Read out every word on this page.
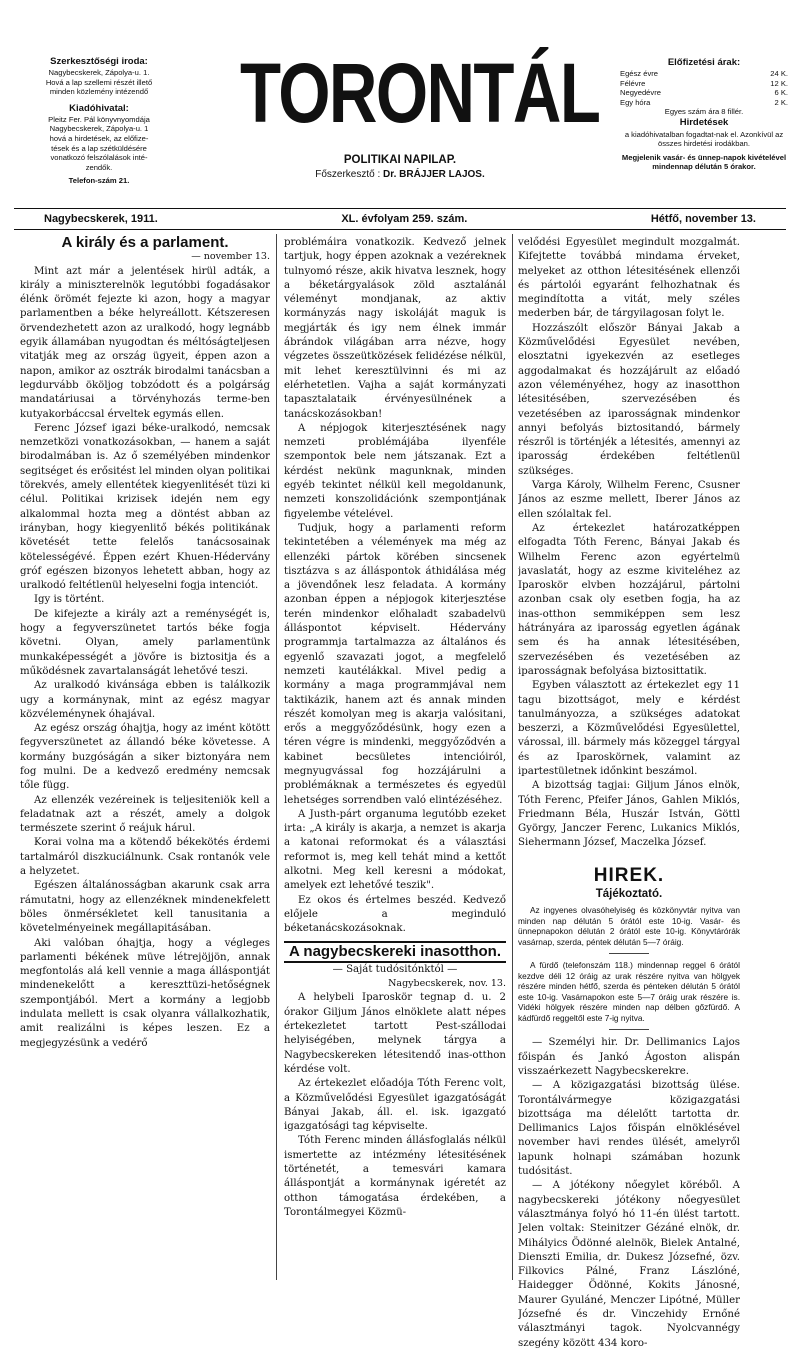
Szerkesztőségi iroda:

Nagybecskerek, Zápolya-u. 1.

Hová a lap szellemi részét illető

minden közlemény intézendő

Kiadóhivatal:

Pleitz Fer. Pál könyvnyomdája

Nagybecskerek, Zápolya-u. 1

hová a hirdetések, az előfize-

tések és a lap szétküldésére

vonatkozó felszólalások inté-

zendők.

Telefon-szám 21.

TORONTÁL
POLITIKAI NAPILAP.
Főszerkesztő : Dr. BRÁJJER LAJOS.
Előfizetési árak:
Egész évre	24 K.
Félévre	12 K.
Negyedévre	6 K.
Egy hóra	2 K.

Egyes szám ára 8 fillér.

Hirdetések

a kiadóhivatalban fogadtat-nak el. Azonkívül az összes hirdetési irodákban.

Megjelenik vasár- és ünnep-napok kivételével mindennap délután 5 órakor.

Nagybecskerek, 1911.	XL. évfolyam 259. szám.	Hétfő, november 13.

A király és a parlament.

— november 13.

Mint azt már a jelentések hirül adták, a király a miniszterelnök legutóbbi fogadásakor élénk örömét fejezte ki azon, hogy a magyar parlamentben a béke helyreállott. Kétszeresen örvendezhetett azon az uralkodó, hogy legnább egyik államában nyugodtan és méltóságteljesen vitatják meg az ország ügyeit, éppen azon a napon, amikor az osztrák birodalmi tanácsban a legdurvább ököljog tobzódott és a polgárság mandatáriusai a törvényhozás terme-ben kutyakorbáccsal érveltek egymás ellen.

Ferenc József igazi béke-uralkodó, nemcsak nemzetközi vonatkozásokban, — hanem a saját birodalmában is. Az ő személyében mindenkor segitséget és erősitést lel minden olyan politikai törekvés, amely ellentétek kiegyenlitését tüzi ki célul. Politikai krizisek idején nem egy alkalommal hozta meg a döntést abban az irányban, hogy kiegyenlitő békés politikának követését tette felelős tanácsosainak kötelességévé. Éppen ezért Khuen-Hédervány gróf egészen bizonyos lehetett abban, hogy az uralkodó feltétlenül helyeselni fogja intenciót.

Igy is történt.

De kifejezte a király azt a reménységét is, hogy a fegyverszünetet tartós béke fogja követni. Olyan, amely parlamentünk munkaképességét a jövőre is biztositja és a működésnek zavartalanságát lehetővé teszi.

Az uralkodó kivánsága ebben is találkozik ugy a kormánynak, mint az egész magyar közvéleménynek óhajával.

Az egész ország óhajtja, hogy az imént kötött fegyverszünetet az állandó béke követesse. A kormány buzgóságán a siker biztonyára nem fog mulni. De a kedvező eredmény nemcsak tőle függ.

Az ellenzék vezéreinek is teljesiteniök kell a feladatnak azt a részét, amely a dolgok természete szerint ő reájuk hárul.

Korai volna ma a kötendő békekötés érdemi tartalmáról diszkuciálnunk. Csak rontanók vele a helyzetet.

Egészen általánosságban akarunk csak arra rámutatni, hogy az ellenzéknek mindenekfelett böles önmérsékletet kell tanusitania a követelményeinek megállapitásában.

Aki valóban óhajtja, hogy a végleges parlamenti békének müve létrejöjjön, annak megfontolás alá kell vennie a maga álláspontját mindenekelőtt a kereszttüzi-hetőségnek szempontjából. Mert a kormány a legjobb indulata mellett is csak olyanra vállalkozhatik, amit realizálni is képes leszen. Ez a megjegyzésünk a vedérő

problémáira vonatkozik. Kedvező jelnek tartjuk, hogy éppen azoknak a vezéreknek tulnyomó része, akik hivatva lesznek, hogy a béketárgyalások zöld asztalánál véleményt mondjanak, az aktiv kormányzás nagy iskoláját maguk is megjárták és igy nem élnek immár ábrándok világában arra nézve, hogy végzetes összeütközések felidézése nélkül, mit lehet keresztülvinni és mi az elérhetetlen. Vajha a saját kormányzati tapasztalataik érvényesülnének a tanácskozásokban!

A népjogok kiterjesztésének nagy nemzeti problémájába ilyenféle szempontok bele nem játszanak. Ezt a kérdést nekünk magunknak, minden egyéb tekintet nélkül kell megoldanunk, nemzeti konszolidációnk szempontjának figyelembe vételével.

Tudjuk, hogy a parlamenti reform tekintetében a vélemények ma még az ellenzéki pártok körében sincsenek tisztázva s az álláspontok áthidálása még a jövendőnek lesz feladata. A kormány azonban éppen a népjogok kiterjesztése terén mindenkor előhaladt szabadelvü álláspontot képviselt. Hédervány programmja tartalmazza az általános és egyenlő szavazati jogot, a megfelelő nemzeti kautélákkal. Mivel pedig a kormány a maga programmjával nem taktikázik, hanem azt és annak minden részét komolyan meg is akarja valósitani, erős a meggyőződésünk, hogy ezen a téren végre is mindenki, meggyőződvén a kabinet becsületes intencióiról, megnyugvással fog hozzájárulni a problémáknak a természetes és egyedül lehetséges sorrendben való elintézéséhez.

A Justh-párt organuma legutóbb ezeket irta: „A király is akarja, a nemzet is akarja a katonai reformokat és a választási reformot is, meg kell tehát mind a kettőt alkotni. Meg kell keresni a módokat, amelyek ezt lehetővé teszik".

Ez okos és értelmes beszéd. Kedvező előjele a meginduló béketanácskozásoknak.

A nagybecskereki inasotthon.

— Saját tudósitónktól —

Nagybecskerek, nov. 13.

A helybeli Iparoskör tegnap d. u. 2 órakor Giljum János elnöklete alatt népes értekezletet tartott Pest-szállodai helyiségében, melynek tárgya a Nagybecskereken létesitendő inas-otthon kérdése volt.

Az értekezlet előadója Tóth Ferenc volt, a Közművelődési Egyesület igazgatóságát Bányai Jakab, áll. el. isk. igazgató igazgatósági tag képviselte.

Tóth Ferenc minden állásfoglalás nélkül ismertette az intézmény létesitésének történetét, a temesvári kamara álláspontját a kormánynak igéretét az otthon támogatása érdekében, a Torontálmegyei Közmü-

velődési Egyesület megindult mozgalmát. Kifejtette továbbá mindama érveket, melyeket az otthon létesitésének ellenzői és pártolói egyaránt felhozhatnak és megindította a vitát, mely széles mederben bár, de tárgyilagosan folyt le.

Hozzászólt először Bányai Jakab a Közművelődési Egyesület nevében, elosztatni igyekezvén az esetleges aggodalmakat és hozzájárult az előadó azon véleményéhez, hogy az inasotthon létesitésében, szervezésében és vezetésében az iparosságnak mindenkor annyi befolyás biztositandó, bármely részről is történjék a létesités, amennyi az iparosság érdekében feltétlenül szükséges.

Varga Károly, Wilhelm Ferenc, Csusner János az eszme mellett, Iberer János az ellen szólaltak fel.

Az értekezlet határozatképpen elfogadta Tóth Ferenc, Bányai Jakab és Wilhelm Ferenc azon egyértelmü javaslatát, hogy az eszme kiviteléhez az Iparoskör elvben hozzájárul, pártolni azonban csak oly esetben fogja, ha az inas-otthon semmiképpen sem lesz hátrányára az iparosság egyetlen ágának sem és ha annak létesitésében, szervezésében és vezetésében az iparosságnak befolyása biztosittatik.

Egyben választott az értekezlet egy 11 tagu bizottságot, mely e kérdést tanulmányozza, a szükséges adatokat beszerzi, a Közművelődési Egyesülettel, várossal, ill. bármely más közeggel tárgyal és az Iparoskörnek, valamint az ipartestületnek időnkint beszámol.

A bizottság tagjai: Giljum János elnök, Tóth Ferenc, Pfeifer János, Gahlen Miklós, Friedmann Béla, Huszár István, Göttl György, Janczer Ferenc, Lukanics Miklós, Siehermann József, Maczelka József.

HIREK.
Tájékoztató.

Az ingyenes olvasóhelyiség és közkönyvtár nyitva van minden nap délután 5 órától este 10-ig. Vasár- és ünnepnapokon délután 2 órától este 10-ig. Könyvtárórák vasárnap, szerda, péntek délután 5—7 óráig.

A fürdő (telefonszám 118.) mindennap reggel 6 órától kezdve déli 12 óráig az urak részére nyitva van hölgyek részére minden hétfő, szerda és pénteken délután 5 órától este 10-ig. Vasárnapokon este 5—7 óráig urak részére is. Vidéki hölgyek részére minden nap délben gőzfürdő. A kádfürdő reggeltől este 7-ig nyitva.

— Személyi hir. Dr. Dellimanics Lajos főispán és Jankó Ágoston alispán visszaérkezett Nagybecskerekre.

— A közigazgatási bizottság ülése. Torontálvármegye közigazgatási bizottsága ma délelőtt tartotta dr. Dellimanics Lajos főispán elnöklésével november havi rendes ülését, amelyről lapunk holnapi számában hozunk tudósitást.

— A jótékony nőegylet köréből. A nagybecskereki jótékony nőegyesület választmánya folyó hó 11-én ülést tartott. Jelen voltak: Steinitzer Gézáné elnök, dr. Mihályics Ödönné alelnök, Bielek Antalné, Dienszti Emilia, dr. Dukesz Józsefné, özv. Filkovics Pálné, Franz Lászlóné, Haidegger Ödönné, Kokits Jánosné, Maurer Gyuláné, Menczer Lipótné, Müller Józsefné és dr. Vinczehidy Ernőné választmányi tagok. Nyolcvannégy szegény között 434 koro-
